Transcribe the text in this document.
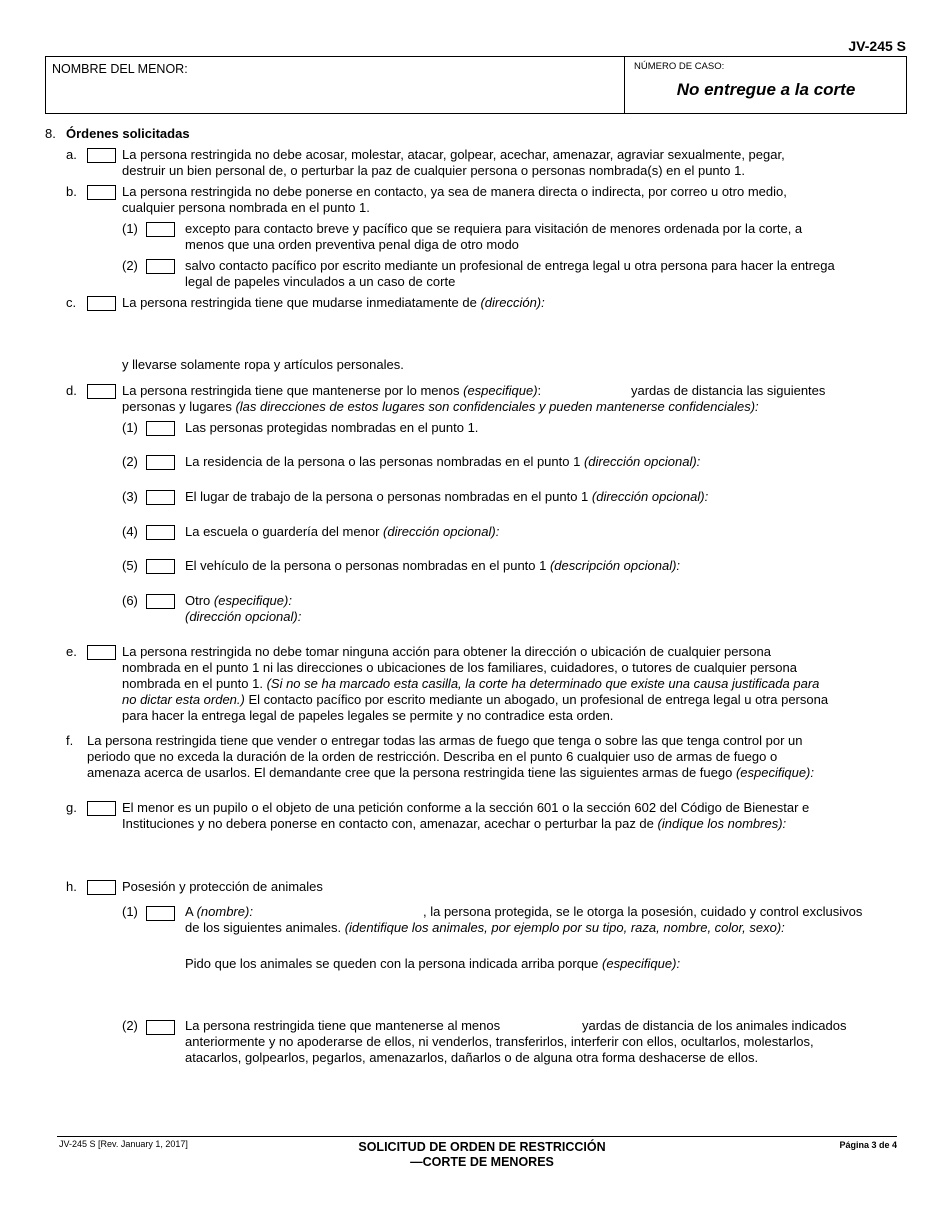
JV-245 S
NOMBRE DEL MENOR:	NÚMERO DE CASO:
No entregue a la corte
8. Órdenes solicitadas
a.	La persona restringida no debe acosar, molestar, atacar, golpear, acechar, amenazar, agraviar sexualmente, pegar,
destruir un bien personal de, o perturbar la paz de cualquier persona o personas nombrada(s) en el punto 1.
b.	La persona restringida no debe ponerse en contacto, ya sea de manera directa o indirecta, por correo u otro medio,
cualquier persona nombrada en el punto 1.
(1)	excepto para contacto breve y pacífico que se requiera para visitación de menores ordenada por la corte, a
menos que una orden preventiva penal diga de otro modo
(2)	salvo contacto pacífico por escrito mediante un profesional de entrega legal u otra persona para hacer la entrega
legal de papeles vinculados a un caso de corte
c.	La persona restringida tiene que mudarse inmediatamente de (dirección):
y llevarse solamente ropa y artículos personales.
d.	La persona restringida tiene que mantenerse por lo menos (especifique):	yardas de distancia las siguientes
personas y lugares (las direcciones de estos lugares son confidenciales y pueden mantenerse confidenciales):
(1)	Las personas protegidas nombradas en el punto 1.
(2)	La residencia de la persona o las personas nombradas en el punto 1 (dirección opcional):
(3)	El lugar de trabajo de la persona o personas nombradas en el punto 1 (dirección opcional):
(4)	La escuela o guardería del menor (dirección opcional):
(5)	El vehículo de la persona o personas nombradas en el punto 1 (descripción opcional):
(6)	Otro (especifique):
(dirección opcional):
e.	La persona restringida no debe tomar ninguna acción para obtener la dirección o ubicación de cualquier persona
nombrada en el punto 1 ni las direcciones o ubicaciones de los familiares, cuidadores, o tutores de cualquier persona
nombrada en el punto 1. (Si no se ha marcado esta casilla, la corte ha determinado que existe una causa justificada para
no dictar esta orden.) El contacto pacífico por escrito mediante un abogado, un profesional de entrega legal u otra persona
para hacer la entrega legal de papeles legales se permite y no contradice esta orden.
f. La persona restringida tiene que vender o entregar todas las armas de fuego que tenga o sobre las que tenga control por un
periodo que no exceda la duración de la orden de restricción. Describa en el punto 6 cualquier uso de armas de fuego o
amenaza acerca de usarlos. El demandante cree que la persona restringida tiene las siguientes armas de fuego (especifique):
g.	El menor es un pupilo o el objeto de una petición conforme a la sección 601 o la sección 602 del Código de Bienestar e
Instituciones y no debera ponerse en contacto con, amenazar, acechar o perturbar la paz de (indique los nombres):
h.	Posesión y protección de animales
(1)	A (nombre):	, la persona protegida, se le otorga la posesión, cuidado y control exclusivos
de los siguientes animales. (identifique los animales, por ejemplo por su tipo, raza, nombre, color, sexo):
Pido que los animales se queden con la persona indicada arriba porque (especifique):
(2)	La persona restringida tiene que mantenerse al menos	yardas de distancia de los animales indicados
anteriormente y no apoderarse de ellos, ni venderlos, transferirlos, interferir con ellos, ocultarlos, molestarlos,
atacarlos, golpearlos, pegarlos, amenazarlos, dañarlos o de alguna otra forma deshacerse de ellos.
JV-245 S [Rev. January 1, 2017]	SOLICITUD DE ORDEN DE RESTRICCIÓN
—CORTE DE MENORES
Página 3 de 4
